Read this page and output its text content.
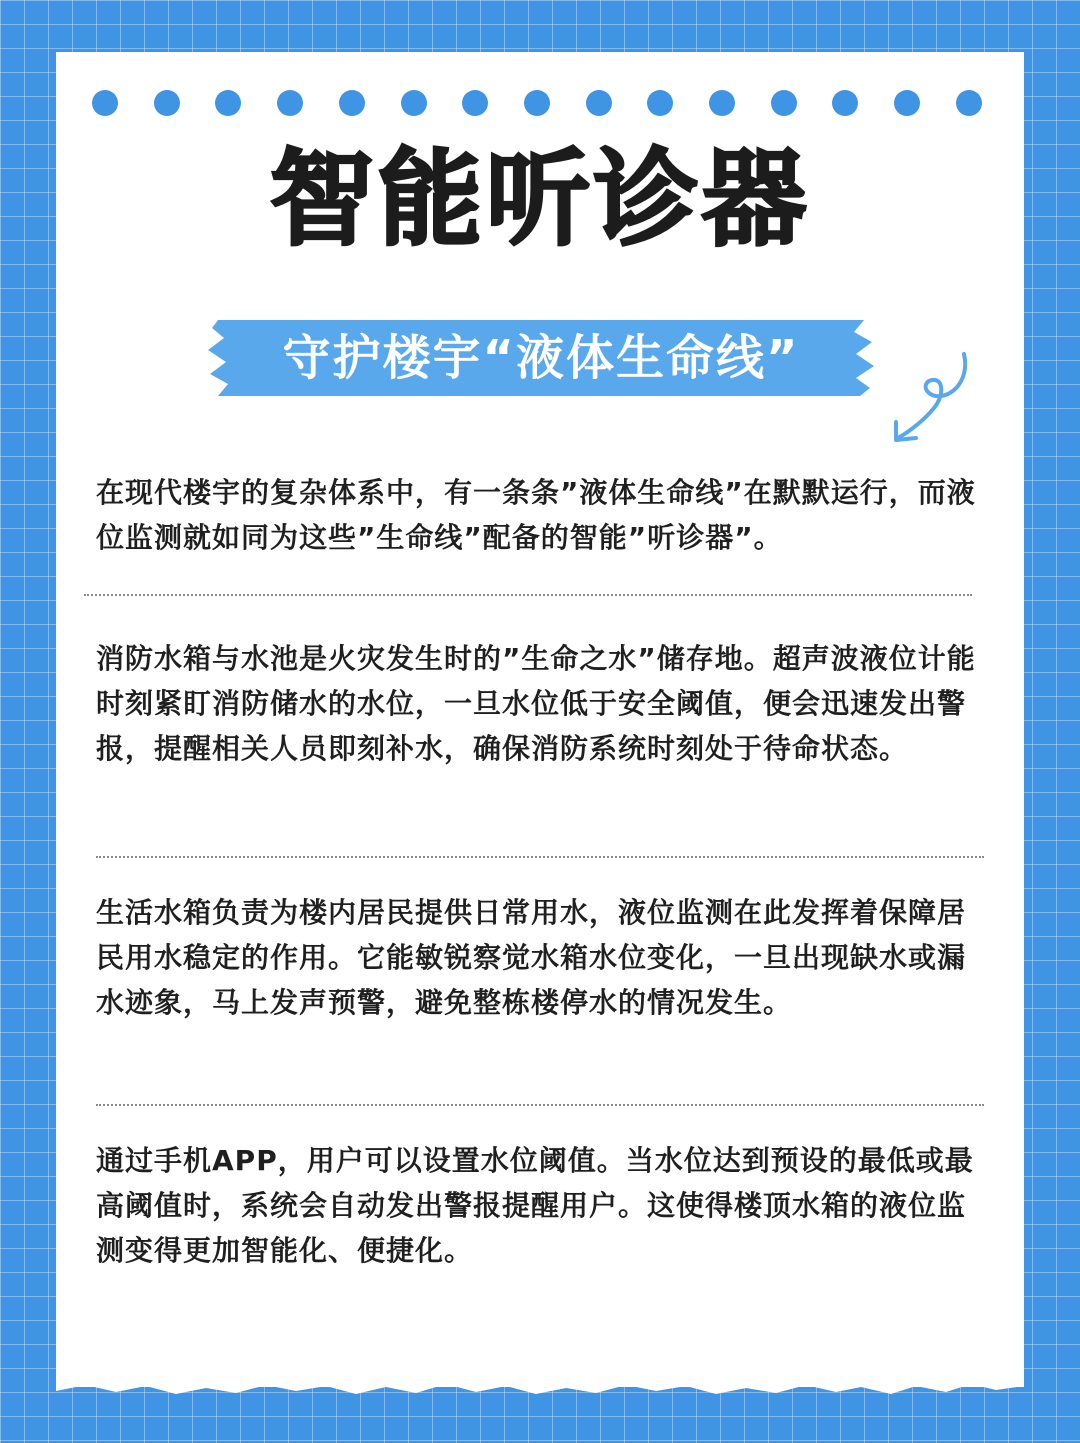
智能听诊器
守护楼宇“液体生命线”

在现代楼宇的复杂体系中，有一条条”液体生命线”在默默运行，而液位监测就如同为这些”生命线”配备的智能”听诊器”。

消防水箱与水池是火灾发生时的”生命之水”储存地。超声波液位计能时刻紧盯消防储水的水位，一旦水位低于安全阈值，便会迅速发出警报，提醒相关人员即刻补水，确保消防系统时刻处于待命状态。

生活水箱负责为楼内居民提供日常用水，液位监测在此发挥着保障居民用水稳定的作用。它能敏锐察觉水箱水位变化，一旦出现缺水或漏水迹象，马上发声预警，避免整栋楼停水的情况发生。

通过手机APP，用户可以设置水位阈值。当水位达到预设的最低或最高阈值时，系统会自动发出警报提醒用户。这使得楼顶水箱的液位监测变得更加智能化、便捷化。
